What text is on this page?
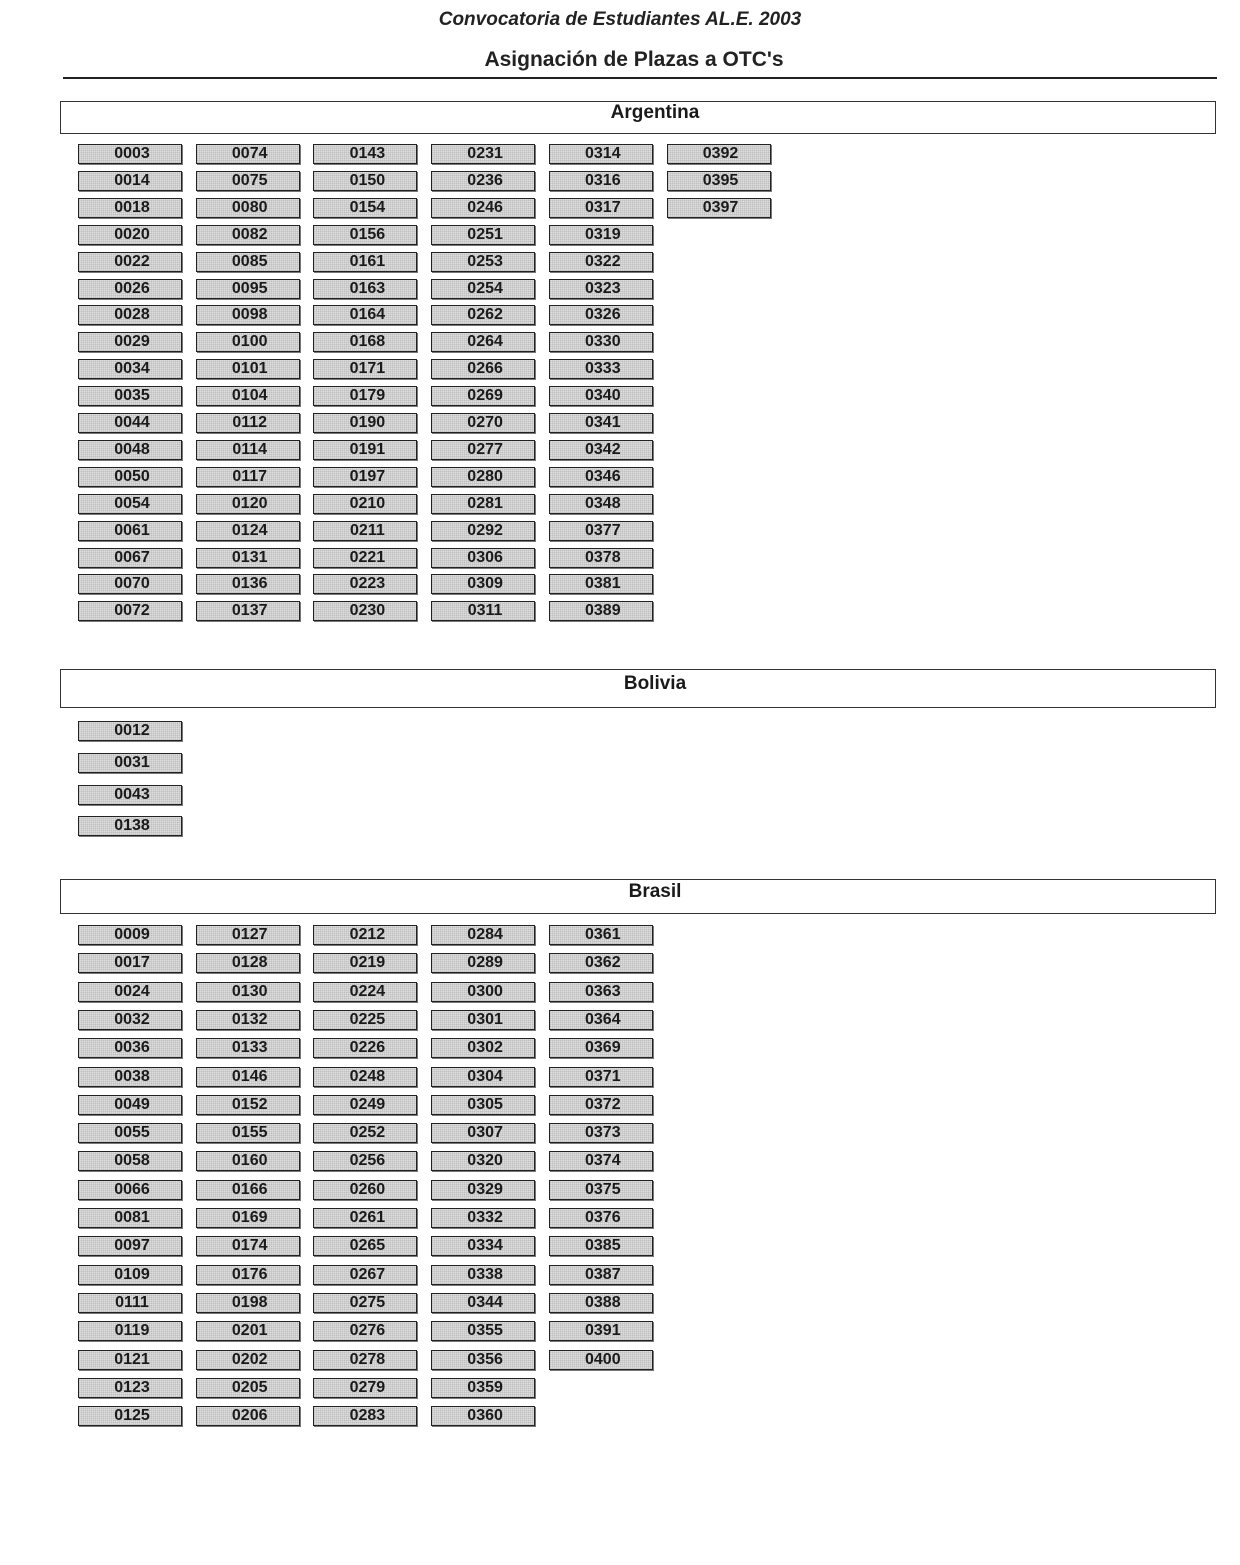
Convocatoria de Estudiantes AL.E. 2003
Asignación de Plazas a OTC's
Argentina
0003
0014
0018
0020
0022
0026
0028
0029
0034
0035
0044
0048
0050
0054
0061
0067
0070
0072
0074
0075
0080
0082
0085
0095
0098
0100
0101
0104
0112
0114
0117
0120
0124
0131
0136
0137
0143
0150
0154
0156
0161
0163
0164
0168
0171
0179
0190
0191
0197
0210
0211
0221
0223
0230
0231
0236
0246
0251
0253
0254
0262
0264
0266
0269
0270
0277
0280
0281
0292
0306
0309
0311
0314
0316
0317
0319
0322
0323
0326
0330
0333
0340
0341
0342
0346
0348
0377
0378
0381
0389
0392
0395
0397
Bolivia
0012
0031
0043
0138
Brasil
0009
0017
0024
0032
0036
0038
0049
0055
0058
0066
0081
0097
0109
0111
0119
0121
0123
0125
0127
0128
0130
0132
0133
0146
0152
0155
0160
0166
0169
0174
0176
0198
0201
0202
0205
0206
0212
0219
0224
0225
0226
0248
0249
0252
0256
0260
0261
0265
0267
0275
0276
0278
0279
0283
0284
0289
0300
0301
0302
0304
0305
0307
0320
0329
0332
0334
0338
0344
0355
0356
0359
0360
0361
0362
0363
0364
0369
0371
0372
0373
0374
0375
0376
0385
0387
0388
0391
0400
